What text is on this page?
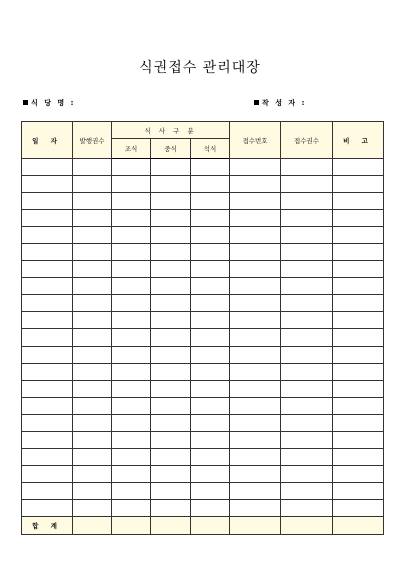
식권접수 관리대장
식 당 명 :	작 성 자 :
일 자	발행권수	식 사 구 분			접수번호	접수권수	비 고
		조식	중식	석식			

합 계							
